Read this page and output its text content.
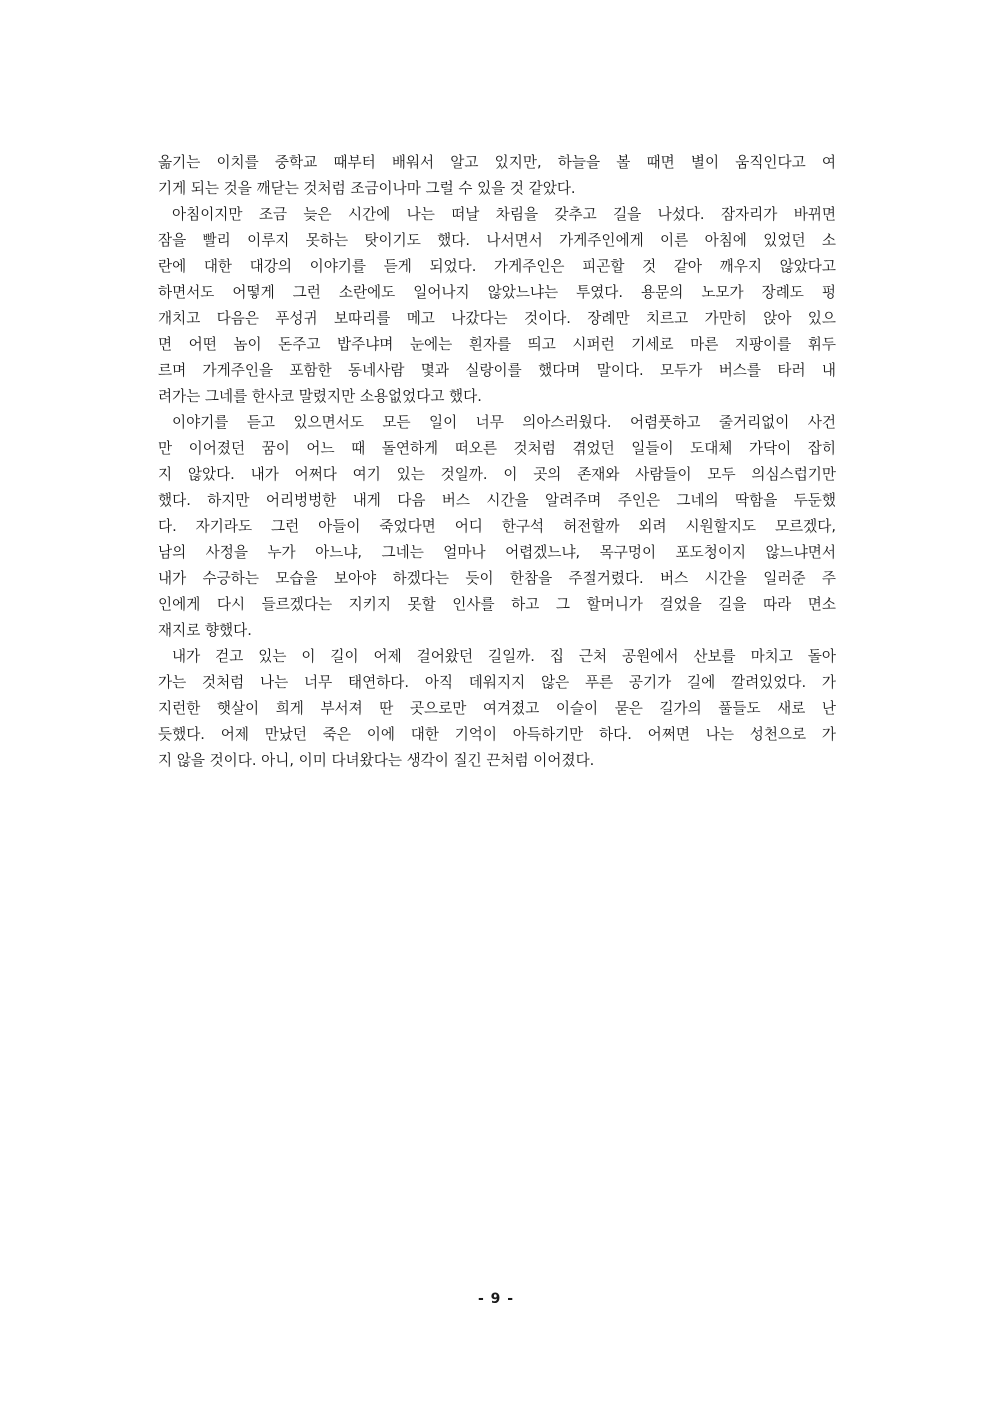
옮기는 이치를 중학교 때부터 배워서 알고 있지만, 하늘을 볼 때면 별이 움직인다고 여
기게 되는 것을 깨닫는 것처럼 조금이나마 그럴 수 있을 것 같았다.
아침이지만 조금 늦은 시간에 나는 떠날 차림을 갖추고 길을 나섰다. 잠자리가 바뀌면
잠을 빨리 이루지 못하는 탓이기도 했다. 나서면서 가게주인에게 이른 아침에 있었던 소
란에 대한 대강의 이야기를 듣게 되었다. 가게주인은 피곤할 것 같아 깨우지 않았다고
하면서도 어떻게 그런 소란에도 일어나지 않았느냐는 투였다. 용문의 노모가 장례도 펑
개치고 다음은 푸성귀 보따리를 메고 나갔다는 것이다. 장례만 치르고 가만히 앉아 있으
면 어떤 놈이 돈주고 밥주냐며 눈에는 흰자를 띄고 시퍼런 기세로 마른 지팡이를 휘두
르며 가게주인을 포함한 동네사람 몇과 실랑이를 했다며 말이다. 모두가 버스를 타러 내
려가는 그네를 한사코 말렸지만 소용없었다고 했다.
이야기를 듣고 있으면서도 모든 일이 너무 의아스러웠다. 어렴풋하고 줄거리없이 사건
만 이어졌던 꿈이 어느 때 돌연하게 떠오른 것처럼 겪었던 일들이 도대체 가닥이 잡히
지 않았다. 내가 어쩌다 여기 있는 것일까. 이 곳의 존재와 사람들이 모두 의심스럽기만
했다. 하지만 어리벙벙한 내게 다음 버스 시간을 알려주며 주인은 그네의 딱함을 두둔했
다. 자기라도 그런 아들이 죽었다면 어디 한구석 허전할까 외려 시원할지도 모르겠다,
남의 사정을 누가 아느냐, 그네는 얼마나 어렵겠느냐, 목구멍이 포도청이지 않느냐면서
내가 수긍하는 모습을 보아야 하겠다는 듯이 한참을 주절거렸다. 버스 시간을 일러준 주
인에게 다시 들르겠다는 지키지 못할 인사를 하고 그 할머니가 걸었을 길을 따라 면소
재지로 향했다.
내가 걷고 있는 이 길이 어제 걸어왔던 길일까. 집 근처 공원에서 산보를 마치고 돌아
가는 것처럼 나는 너무 태연하다. 아직 데워지지 않은 푸른 공기가 길에 깔려있었다. 가
지런한 햇살이 희게 부서져 딴 곳으로만 여겨졌고 이슬이 묻은 길가의 풀들도 새로 난
듯했다. 어제 만났던 죽은 이에 대한 기억이 아득하기만 하다. 어쩌면 나는 성천으로 가
지 않을 것이다. 아니, 이미 다녀왔다는 생각이 질긴 끈처럼 이어졌다.
- 9 -
